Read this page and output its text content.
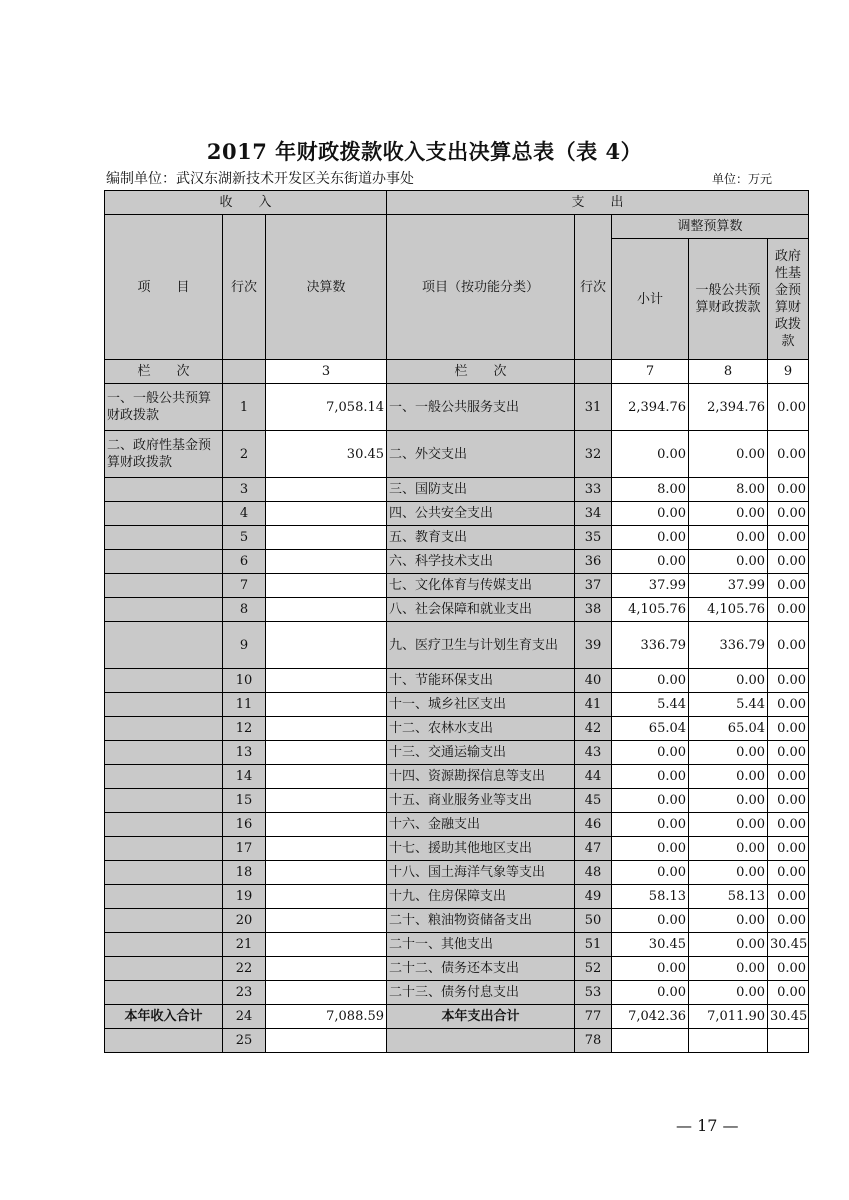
2017 年财政拨款收入支出决算总表（表 4）
编制单位：武汉东湖新技术开发区关东街道办事处	单位：万元
收　　入			支　　出				
项　　目	行次	决算数	项目（按功能分类）	行次	调整预算数		
					小计	一般公共预算财政拨款	政府性基金预算财政拨款
栏　　次		3	栏　　次		7	8	9
一、一般公共预算财政拨款	1	7,058.14	一、一般公共服务支出	31	2,394.76	2,394.76	0.00
二、政府性基金预算财政拨款	2	30.45	二、外交支出	32	0.00	0.00	0.00
	3		三、国防支出	33	8.00	8.00	0.00
	4		四、公共安全支出	34	0.00	0.00	0.00
	5		五、教育支出	35	0.00	0.00	0.00
	6		六、科学技术支出	36	0.00	0.00	0.00
	7		七、文化体育与传媒支出	37	37.99	37.99	0.00
	8		八、社会保障和就业支出	38	4,105.76	4,105.76	0.00
	9		九、医疗卫生与计划生育支出	39	336.79	336.79	0.00
	10		十、节能环保支出	40	0.00	0.00	0.00
	11		十一、城乡社区支出	41	5.44	5.44	0.00
	12		十二、农林水支出	42	65.04	65.04	0.00
	13		十三、交通运输支出	43	0.00	0.00	0.00
	14		十四、资源勘探信息等支出	44	0.00	0.00	0.00
	15		十五、商业服务业等支出	45	0.00	0.00	0.00
	16		十六、金融支出	46	0.00	0.00	0.00
	17		十七、援助其他地区支出	47	0.00	0.00	0.00
	18		十八、国土海洋气象等支出	48	0.00	0.00	0.00
	19		十九、住房保障支出	49	58.13	58.13	0.00
	20		二十、粮油物资储备支出	50	0.00	0.00	0.00
	21		二十一、其他支出	51	30.45	0.00	30.45
	22		二十二、债务还本支出	52	0.00	0.00	0.00
	23		二十三、债务付息支出	53	0.00	0.00	0.00
本年收入合计	24	7,088.59	本年支出合计	77	7,042.36	7,011.90	30.45
	25			78			
— 17 —
